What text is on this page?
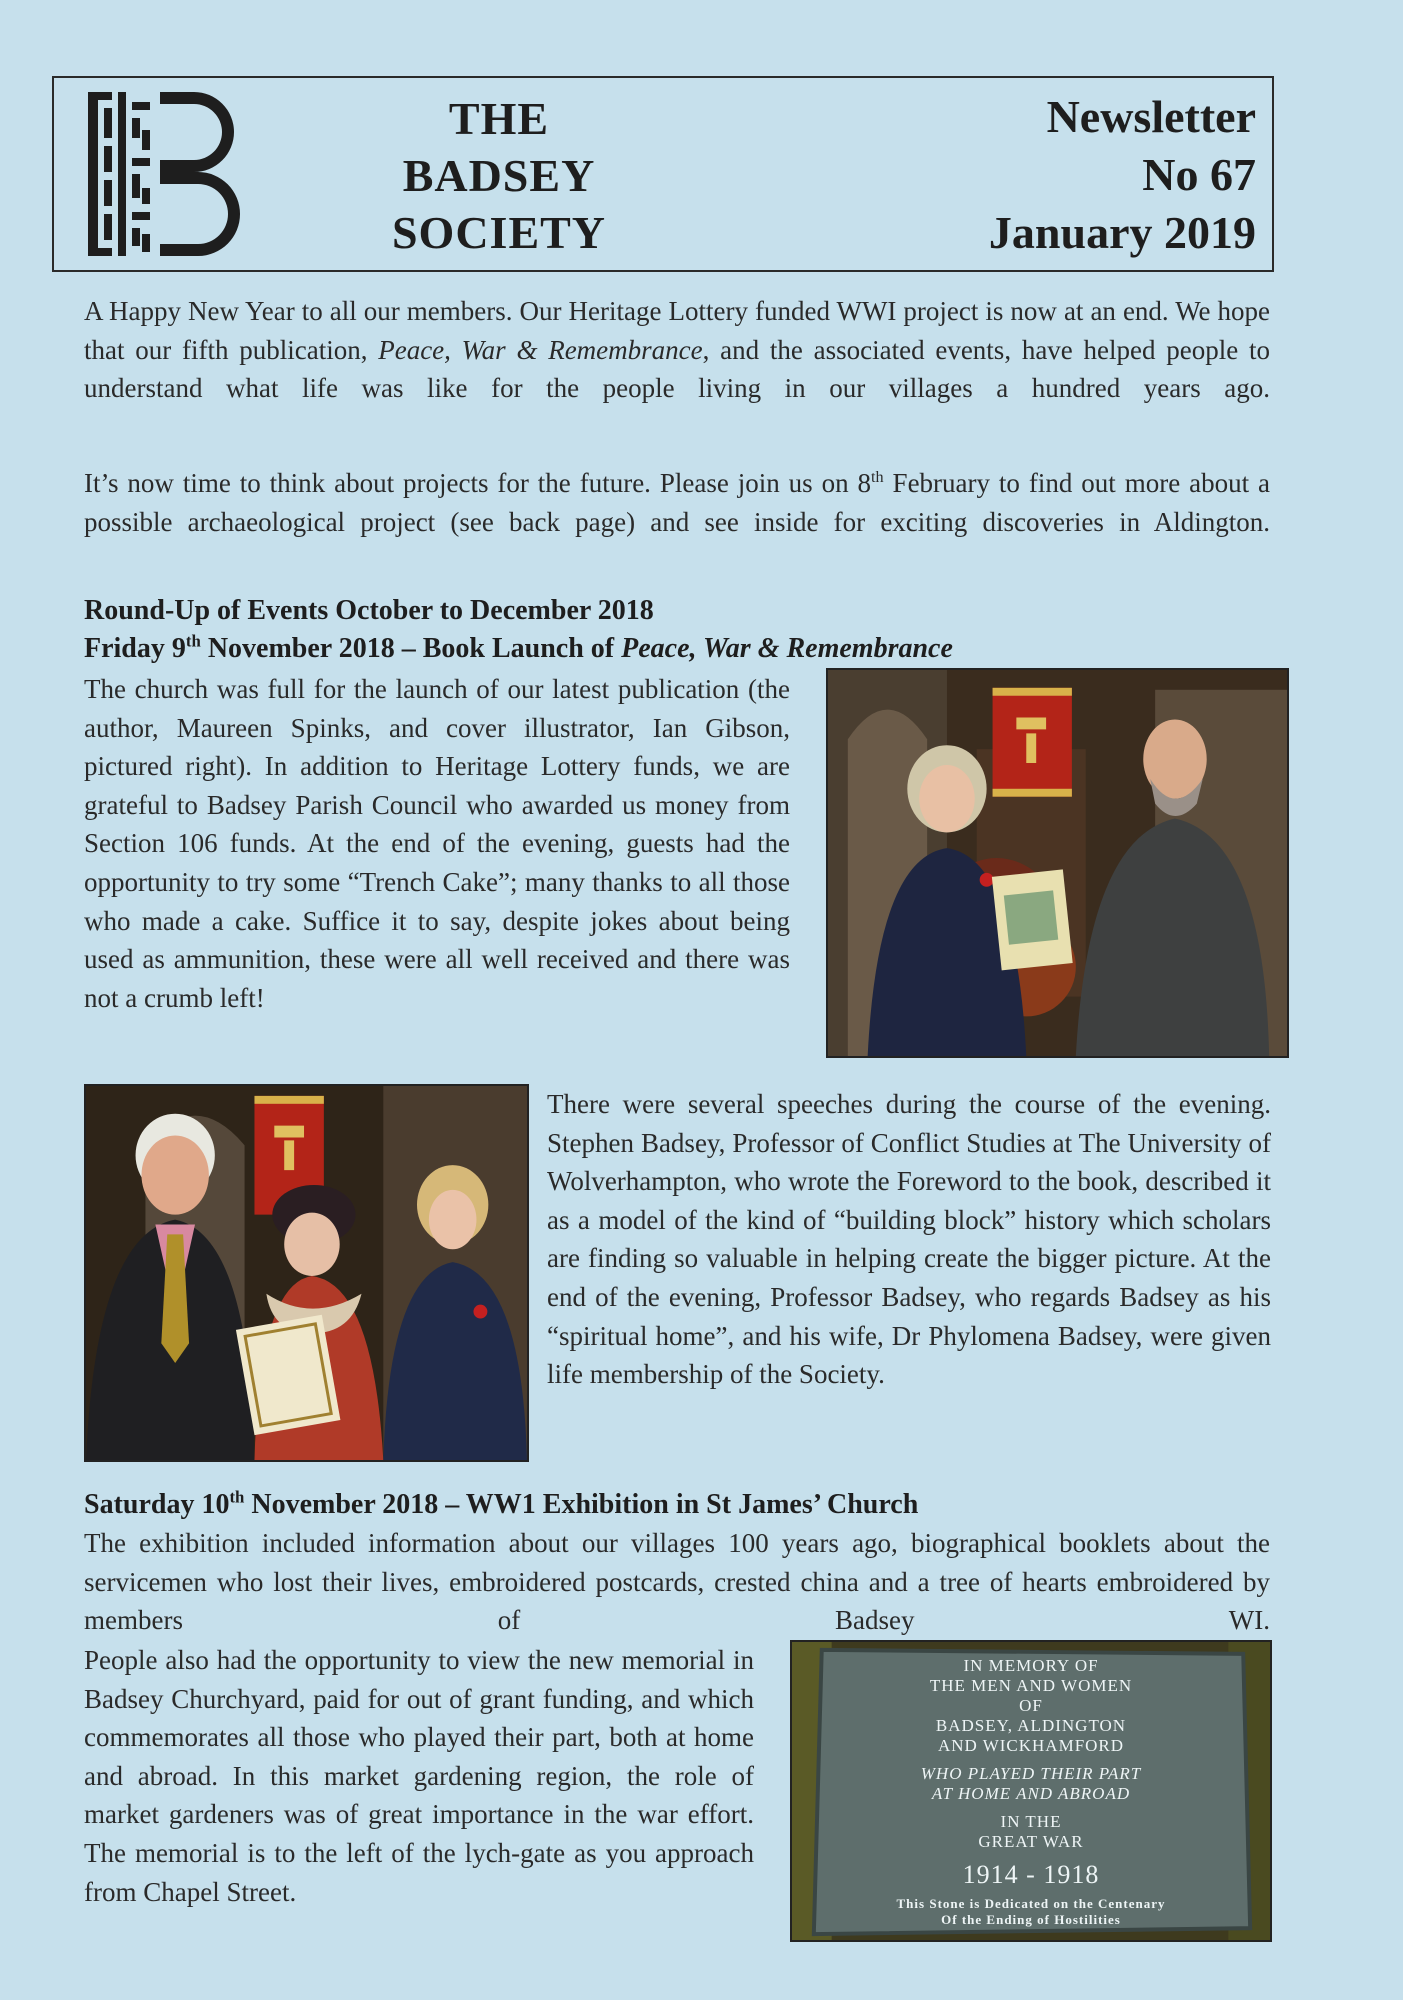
THE
BADSEY
SOCIETY
Newsletter
No 67
January 2019
A Happy New Year to all our members. Our Heritage Lottery funded WWI project is now at an end. We hope that our fifth publication, Peace, War & Remembrance, and the associated events, have helped people to understand what life was like for the people living in our villages a hundred years ago.
It’s now time to think about projects for the future. Please join us on 8th February to find out more about a possible archaeological project (see back page) and see inside for exciting discoveries in Aldington.
Round-Up of Events October to December 2018
Friday 9th November 2018 – Book Launch of Peace, War & Remembrance
The church was full for the launch of our latest publication (the author, Maureen Spinks, and cover illustrator, Ian Gibson, pictured right). In addition to Heritage Lottery funds, we are grateful to Badsey Parish Council who awarded us money from Section 106 funds. At the end of the evening, guests had the opportunity to try some “Trench Cake”; many thanks to all those who made a cake. Suffice it to say, despite jokes about being used as ammunition, these were all well received and there was not a crumb left!
There were several speeches during the course of the evening. Stephen Badsey, Professor of Conflict Studies at The University of Wolverhampton, who wrote the Foreword to the book, described it as a model of the kind of “building block” history which scholars are finding so valuable in helping create the bigger picture. At the end of the evening, Professor Badsey, who regards Badsey as his “spiritual home”, and his wife, Dr Phylomena Badsey, were given life membership of the Society.
Saturday 10th November 2018 – WW1 Exhibition in St James’ Church
The exhibition included information about our villages 100 years ago, biographical booklets about the servicemen who lost their lives, embroidered postcards, crested china and a tree of hearts embroidered by members of Badsey WI.
People also had the opportunity to view the new memorial in Badsey Churchyard, paid for out of grant funding, and which commemorates all those who played their part, both at home and abroad. In this market gardening region, the role of market gardeners was of great importance in the war effort. The memorial is to the left of the lych-gate as you approach from Chapel Street.
IN MEMORY OF
THE MEN AND WOMEN
OF
BADSEY, ALDINGTON
AND WICKHAMFORD
WHO PLAYED THEIR PART
AT HOME AND ABROAD
IN THE
GREAT WAR
1914 - 1918
This Stone is Dedicated on the Centenary
Of the Ending of Hostilities
